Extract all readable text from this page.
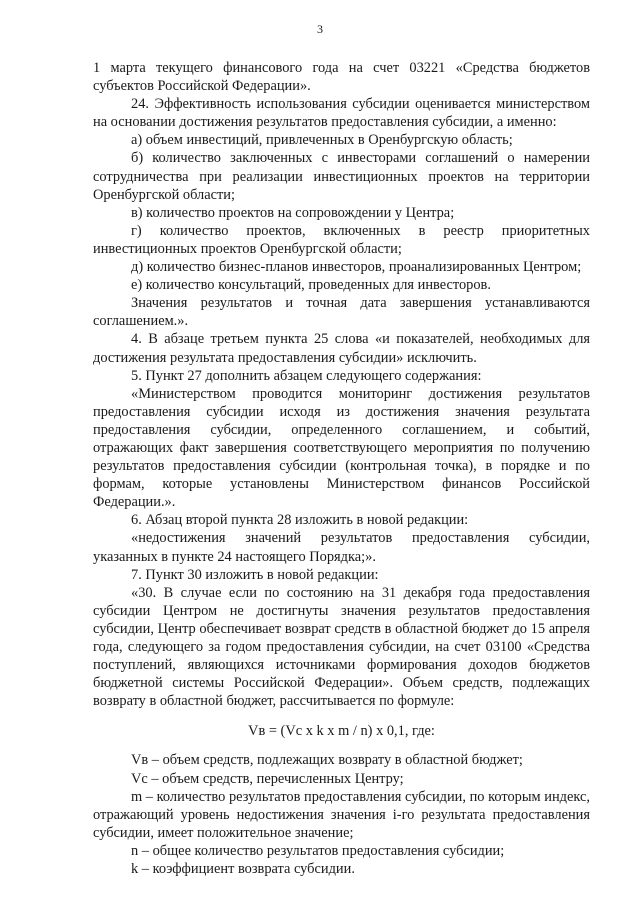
3

1 марта текущего финансового года на счет 03221 «Средства бюджетов субъектов Российской Федерации».

24. Эффективность использования субсидии оценивается министерством на основании достижения результатов предоставления субсидии, а именно:

а) объем инвестиций, привлеченных в Оренбургскую область;

б) количество заключенных с инвесторами соглашений о намерении сотрудничества при реализации инвестиционных проектов на территории Оренбургской области;

в) количество проектов на сопровождении у Центра;

г) количество проектов, включенных в реестр приоритетных инвестиционных проектов Оренбургской области;

д) количество бизнес-планов инвесторов, проанализированных Центром;

е) количество консультаций, проведенных для инвесторов.

Значения результатов и точная дата завершения устанавливаются соглашением.».

4. В абзаце третьем пункта 25 слова «и показателей, необходимых для достижения результата предоставления субсидии» исключить.

5. Пункт 27 дополнить абзацем следующего содержания:

«Министерством проводится мониторинг достижения результатов предоставления субсидии исходя из достижения значения результата предоставления субсидии, определенного соглашением, и событий, отражающих факт завершения соответствующего мероприятия по получению результатов предоставления субсидии (контрольная точка), в порядке и по формам, которые установлены Министерством финансов Российской Федерации.».

6. Абзац второй пункта 28 изложить в новой редакции:

«недостижения значений результатов предоставления субсидии, указанных в пункте 24 настоящего Порядка;».

7. Пункт 30 изложить в новой редакции:

«30. В случае если по состоянию на 31 декабря года предоставления субсидии Центром не достигнуты значения результатов предоставления субсидии, Центр обеспечивает возврат средств в областной бюджет до 15 апреля года, следующего за годом предоставления субсидии, на счет 03100 «Средства поступлений, являющихся источниками формирования доходов бюджетов бюджетной системы Российской Федерации». Объем средств, подлежащих возврату в областной бюджет, рассчитывается по формуле:

Vв = (Vс x k x m / n) x 0,1, где:

Vв – объем средств, подлежащих возврату в областной бюджет;

Vс – объем средств, перечисленных Центру;

m – количество результатов предоставления субсидии, по которым индекс, отражающий уровень недостижения значения i-го результата предоставления субсидии, имеет положительное значение;

n – общее количество результатов предоставления субсидии;

k – коэффициент возврата субсидии.
